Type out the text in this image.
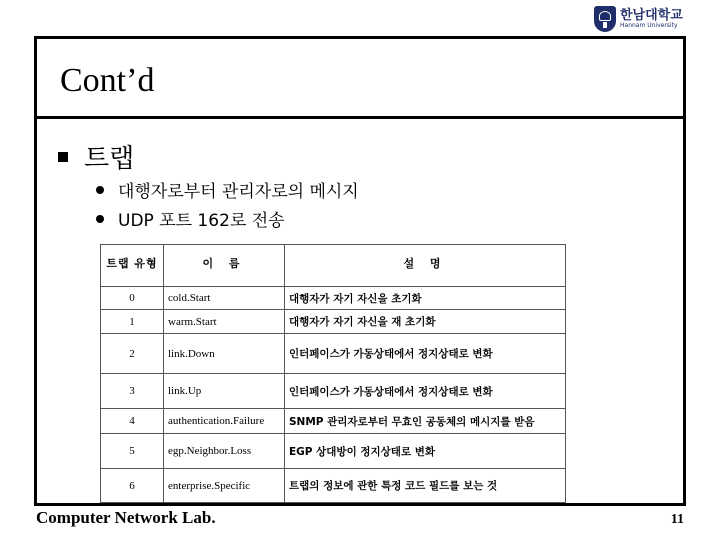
한남대학교
Hannam University
Cont’d
트랩
대행자로부터 관리자로의 메시지
UDP 포트 162로 전송
트랩 유형	이 름	설 명
0	cold.Start	대행자가 자기 자신을 초기화
1	warm.Start	대행자가 자기 자신을 재 초기화
2	link.Down	인터페이스가 가동상태에서 정지상태로 변화
3	link.Up	인터페이스가 가동상태에서 정지상태로 변화
4	authentication.Failure	SNMP 관리자로부터 무효인 공동체의 메시지를 받음
5	egp.Neighbor.Loss	EGP 상대방이 정지상태로 변화
6	enterprise.Specific	트랩의 정보에 관한 특정 코드 필드를 보는 것
Computer Network Lab.	11
